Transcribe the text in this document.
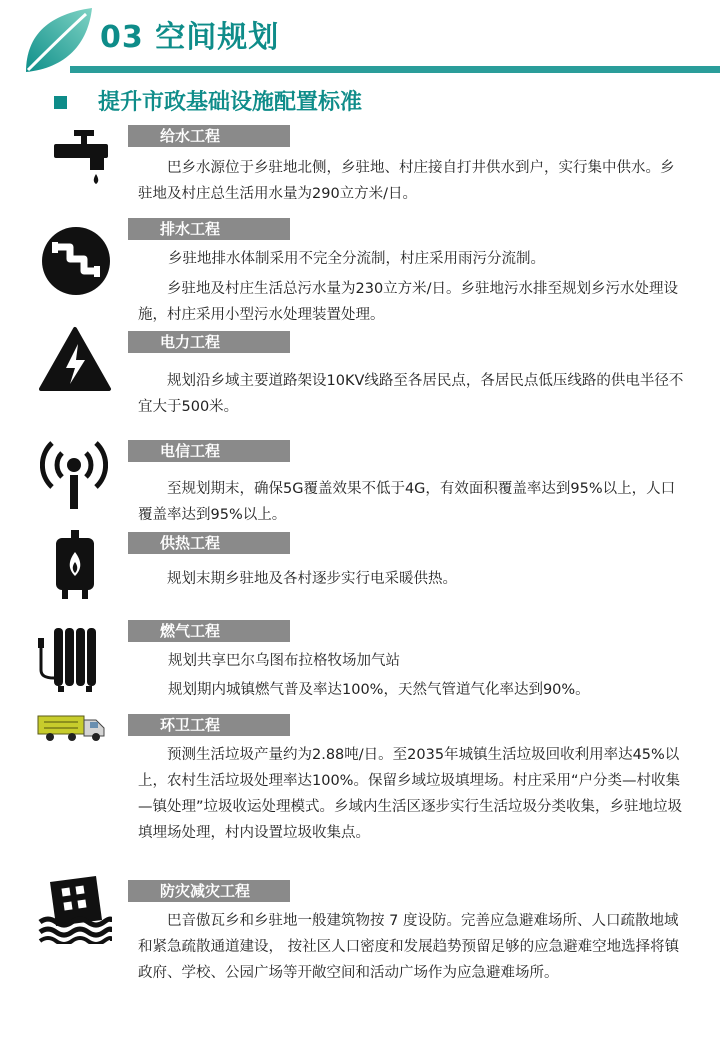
03 空间规划
提升市政基础设施配置标准
给水工程

巴乡水源位于乡驻地北侧，乡驻地、村庄接自打井供水到户，实行集中供水。乡驻地及村庄总生活用水量为290立方米/日。

排水工程

乡驻地排水体制采用不完全分流制，村庄采用雨污分流制。

乡驻地及村庄生活总污水量为230立方米/日。乡驻地污水排至规划乡污水处理设施，村庄采用小型污水处理装置处理。

电力工程

规划沿乡域主要道路架设10KV线路至各居民点，各居民点低压线路的供电半径不宜大于500米。

电信工程

至规划期末，确保5G覆盖效果不低于4G，有效面积覆盖率达到95%以上，人口覆盖率达到95%以上。

供热工程

规划末期乡驻地及各村逐步实行电采暖供热。

燃气工程

规划共享巴尔乌图布拉格牧场加气站

规划期内城镇燃气普及率达100%，天然气管道气化率达到90%。

环卫工程

预测生活垃圾产量约为2.88吨/日。至2035年城镇生活垃圾回收利用率达45%以上，农村生活垃圾处理率达100%。保留乡域垃圾填埋场。村庄采用“户分类—村收集—镇处理”垃圾收运处理模式。乡域内生活区逐步实行生活垃圾分类收集，乡驻地垃圾填埋场处理，村内设置垃圾收集点。

防灾减灾工程

巴音傲瓦乡和乡驻地一般建筑物按 7 度设防。完善应急避难场所、人口疏散地域和紧急疏散通道建设， 按社区人口密度和发展趋势预留足够的应急避难空地选择将镇政府、学校、公园广场等开敞空间和活动广场作为应急避难场所。
